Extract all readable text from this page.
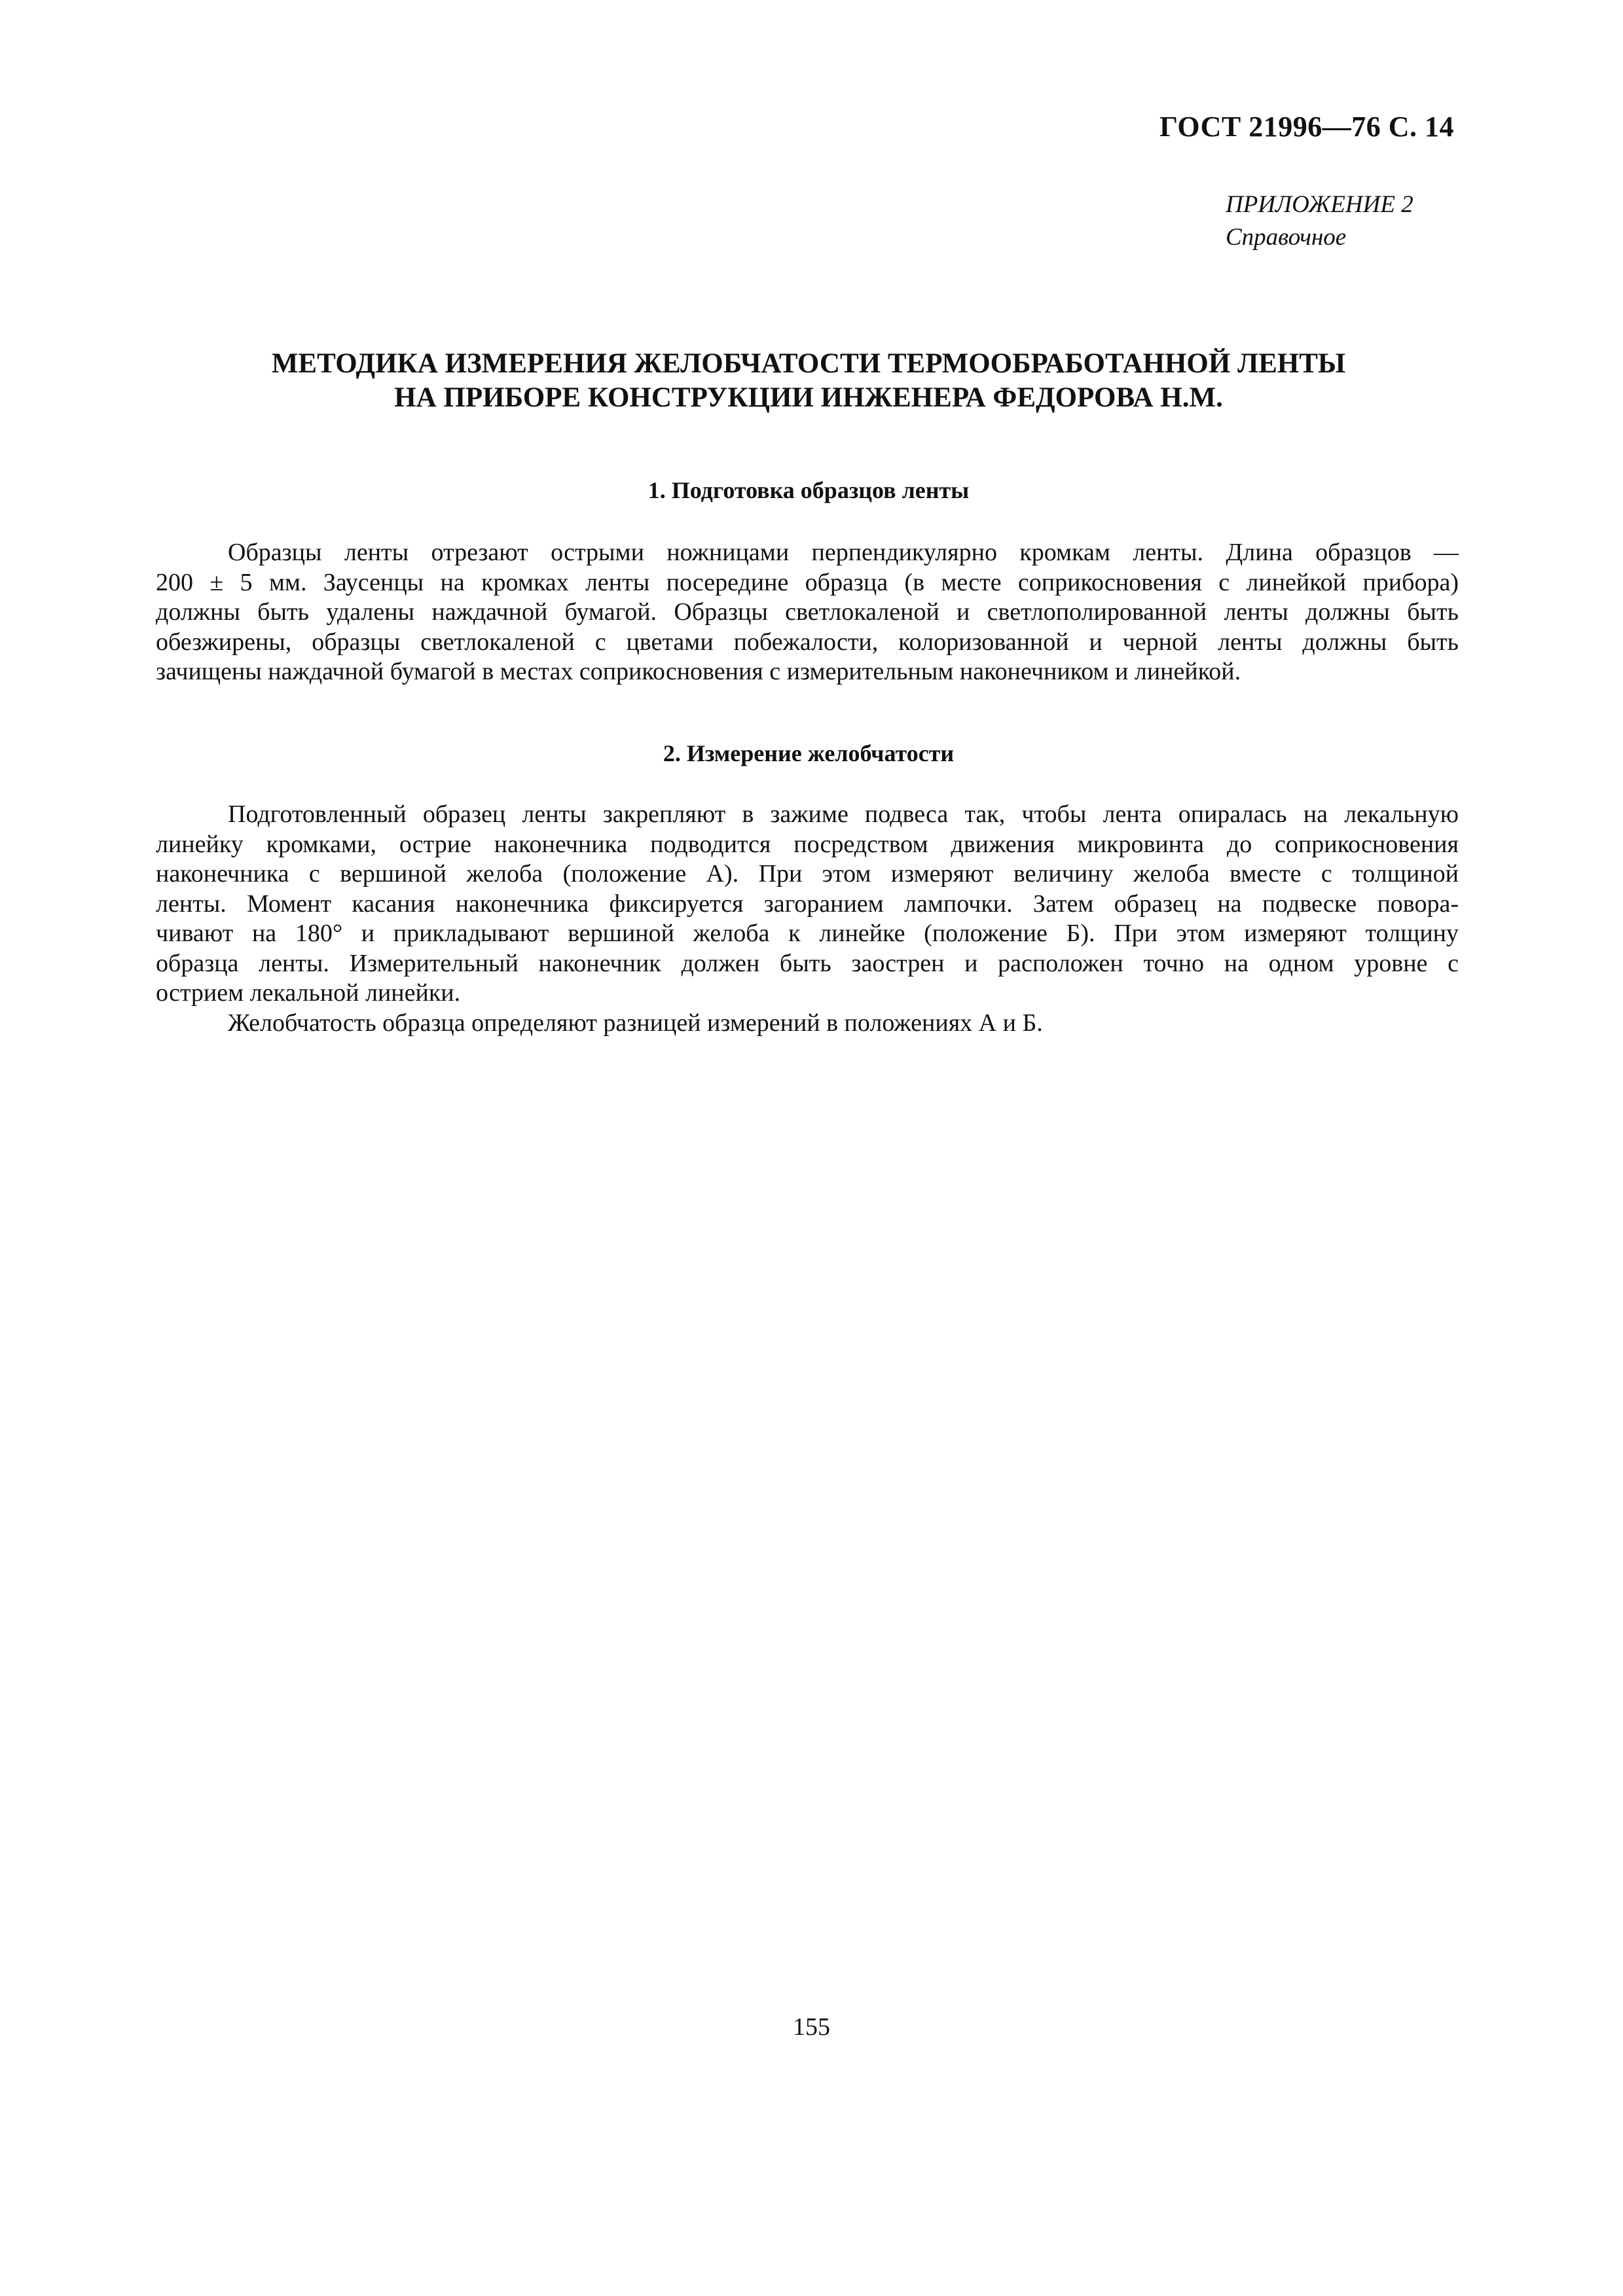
ГОСТ 21996—76 С. 14
ПРИЛОЖЕНИЕ 2
Справочное
МЕТОДИКА ИЗМЕРЕНИЯ ЖЕЛОБЧАТОСТИ ТЕРМООБРАБОТАННОЙ ЛЕНТЫ
НА ПРИБОРЕ КОНСТРУКЦИИ ИНЖЕНЕРА ФЕДОРОВА Н.М.
1. Подготовка образцов ленты
Образцы ленты отрезают острыми ножницами перпендикулярно кромкам ленты. Длина образцов —
200 ± 5 мм. Заусенцы на кромках ленты посередине образца (в месте соприкосновения с линейкой прибора)
должны быть удалены наждачной бумагой. Образцы светлокаленой и светлополированной ленты должны быть
обезжирены, образцы светлокаленой с цветами побежалости, колоризованной и черной ленты должны быть
зачищены наждачной бумагой в местах соприкосновения с измерительным наконечником и линейкой.
2. Измерение желобчатости
Подготовленный образец ленты закрепляют в зажиме подвеса так, чтобы лента опиралась на лекальную
линейку кромками, острие наконечника подводится посредством движения микровинта до соприкосновения
наконечника с вершиной желоба (положение А). При этом измеряют величину желоба вместе с толщиной
ленты. Момент касания наконечника фиксируется загоранием лампочки. Затем образец на подвеске повора-
чивают на 180° и прикладывают вершиной желоба к линейке (положение Б). При этом измеряют толщину
образца ленты. Измерительный наконечник должен быть заострен и расположен точно на одном уровне с
острием лекальной линейки.
Желобчатость образца определяют разницей измерений в положениях А и Б.
155
